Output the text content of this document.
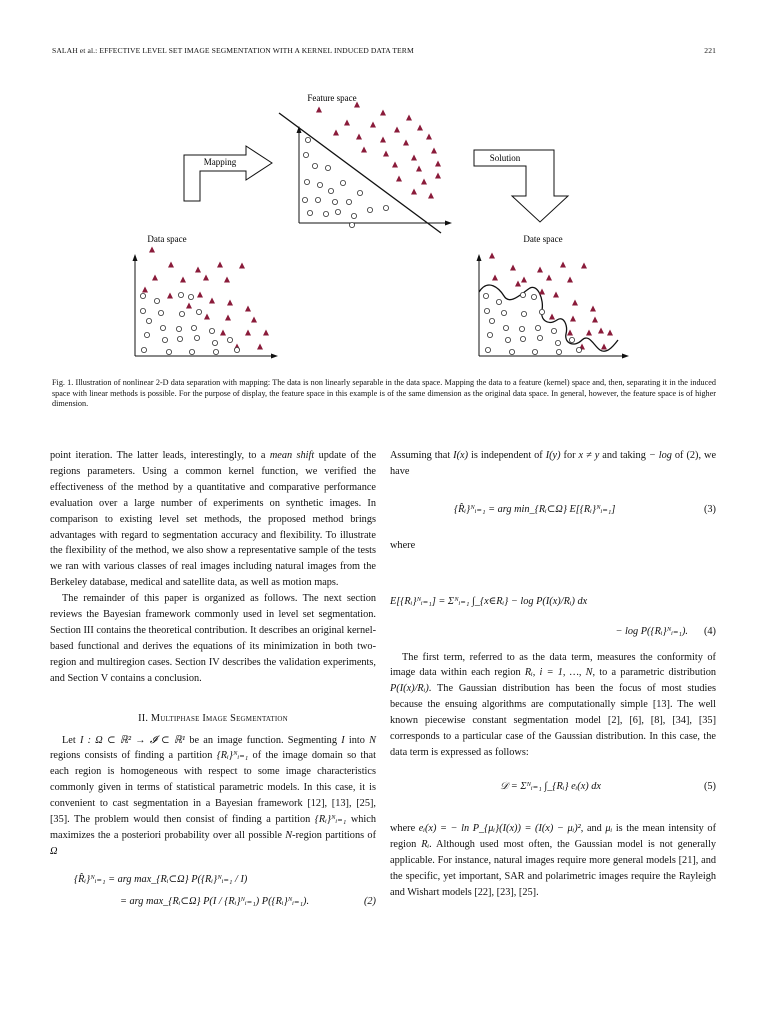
SALAH et al.: EFFECTIVE LEVEL SET IMAGE SEGMENTATION WITH A KERNEL INDUCED DATA TERM	221
Feature space
Mapping	Solution
Data space	Date space
Fig. 1. Illustration of nonlinear 2-D data separation with mapping: The data is non linearly separable in the data space. Mapping the data to a feature (kernel) space and, then, separating it in the induced space with linear methods is possible. For the purpose of display, the feature space in this example is of the same dimension as the original data space. In general, however, the feature space is of higher dimension.

point iteration. The latter leads, interestingly, to a mean shift update of the regions parameters. Using a common kernel function, we verified the effectiveness of the method by a quantitative and comparative performance evaluation over a large number of experiments on synthetic images. In comparison to existing level set methods, the proposed method brings advantages with regard to segmentation accuracy and flexibility. To illustrate the flexibility of the method, we also show a representative sample of the tests we ran with various classes of real images including natural images from the Berkeley database, medical and satellite data, as well as motion maps.

The remainder of this paper is organized as follows. The next section reviews the Bayesian framework commonly used in level set segmentation. Section III contains the theoretical contribution. It describes an original kernel-based functional and derives the equations of its minimization in both two-region and multiregion cases. Section IV describes the validation experiments, and Section V contains a conclusion.

II. Multiphase Image Segmentation

Let I : Ω ⊂ ℝ² → 𝓘 ⊂ ℝ¹ be an image function. Segmenting I into N regions consists of finding a partition {Rᵢ}ᴺᵢ₌₁ of the image domain so that each region is homogeneous with respect to some image characteristics commonly given in terms of statistical parametric models. In this case, it is convenient to cast segmentation in a Bayesian framework [12], [13], [25], [35]. The problem would then consist of finding a partition {Rᵢ}ᴺᵢ₌₁ which maximizes the a posteriori probability over all possible N-region partitions of Ω

{R̂ᵢ}ᴺᵢ₌₁ = arg max_{Rᵢ⊂Ω} P({Rᵢ}ᴺᵢ₌₁ / I)
= arg max_{Rᵢ⊂Ω} P(I / {Rᵢ}ᴺᵢ₌₁) P({Rᵢ}ᴺᵢ₌₁).	(2)

Assuming that I(x) is independent of I(y) for x ≠ y and taking − log of (2), we have

{R̂ᵢ}ᴺᵢ₌₁ = arg min_{Rᵢ⊂Ω} E[{Rᵢ}ᴺᵢ₌₁]	(3)

where

E[{Rᵢ}ᴺᵢ₌₁] = Σᴺᵢ₌₁ ∫_{x∈Rᵢ} − log P(I(x)/Rᵢ) dx
− log P({Rᵢ}ᴺᵢ₌₁).	(4)

The first term, referred to as the data term, measures the conformity of image data within each region Rᵢ, i = 1, …, N, to a parametric distribution P(I(x)/Rᵢ). The Gaussian distribution has been the focus of most studies because the ensuing algorithms are computationally simple [13]. The well known piecewise constant segmentation model [2], [6], [8], [34], [35] corresponds to a particular case of the Gaussian distribution. In this case, the data term is expressed as follows:

𝒟 = Σᴺᵢ₌₁ ∫_{Rᵢ} eᵢ(x) dx	(5)

where eᵢ(x) = − ln P_{μᵢ}(I(x)) = (I(x) − μᵢ)², and μᵢ is the mean intensity of region Rᵢ. Although used most often, the Gaussian model is not generally applicable. For instance, natural images require more general models [21], and the specific, yet important, SAR and polarimetric images require the Rayleigh and Wishart models [22], [23], [25].
